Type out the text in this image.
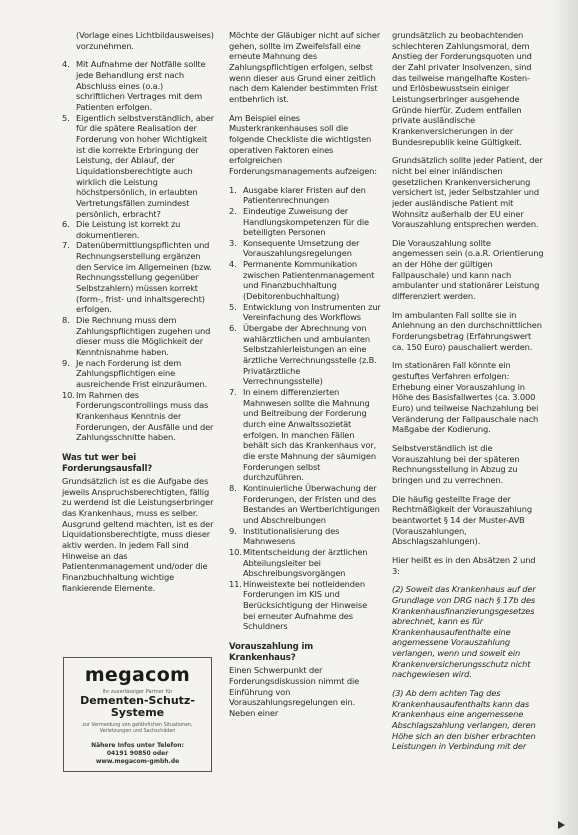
(Vorlage eines Lichtbildausweises) vorzunehmen.

4. Mit Aufnahme der Notfälle sollte jede Behandlung erst nach Abschluss eines (o.a.) schriftlichen Vertrages mit dem Patienten erfolgen.
5. Eigentlich selbstverständlich, aber für die spätere Realisation der Forderung von hoher Wichtigkeit ist die korrekte Erbringung der Leistung, der Ablauf, der Liquidationsberechtigte auch wirklich die Leistung höchstpersönlich, in erlaubten Vertretungsfällen zumindest persönlich, erbracht?
6. Die Leistung ist korrekt zu dokumentieren.
7. Datenübermittlungspflichten und Rechnungserstellung ergänzen den Service im Allgemeinen (bzw. Rechnungsstellung gegenüber Selbstzahlern) müssen korrekt (form-, frist- und inhaltsgerecht) erfolgen.
8. Die Rechnung muss dem Zahlungspflichtigen zugehen und dieser muss die Möglichkeit der Kenntnisnahme haben.
9. Je nach Forderung ist dem Zahlungspflichtigen eine ausreichende Frist einzuräumen.
10. Im Rahmen des Forderungscontrollings muss das Krankenhaus Kenntnis der Forderungen, der Ausfälle und der Zahlungsschnitte haben.
Was tut wer bei Forderungsausfall?

Grundsätzlich ist es die Aufgabe des jeweils Anspruchsberechtigten, fällig zu werdend ist die Leistungserbringer das Krankenhaus, muss es selber. Ausgrund geltend machten, ist es der Liquidationsberechtigte, muss dieser aktiv werden. In jedem Fall sind Hinweise an das Patientenmanagement und/oder die Finanzbuchhaltung wichtige flankierende Elemente.

megacom
Ihr zuverlässiger Partner für
Dementen-Schutz-
Systeme
zur Vermeidung von gefährlichen Situationen, Verletzungen und Sachschäden
Nähere Infos unter Telefon:
04191 90850 oder
www.megacom-gmbh.de

Möchte der Gläubiger nicht auf sicher gehen, sollte im Zweifelsfall eine erneute Mahnung des Zahlungspflichtigen erfolgen, selbst wenn dieser aus Grund einer zeitlich nach dem Kalender bestimmten Frist entbehrlich ist.

Am Beispiel eines Musterkrankenhauses soll die folgende Checkliste die wichtigsten operativen Faktoren eines erfolgreichen Forderungsmanagements aufzeigen:

1. Ausgabe klarer Fristen auf den Patientenrechnungen
2. Eindeutige Zuweisung der Handlungskompetenzen für die beteiligten Personen
3. Konsequente Umsetzung der Vorauszahlungsregelungen
4. Permanente Kommunikation zwischen Patientenmanagement und Finanzbuchhaltung (Debitorenbuchhaltung)
5. Entwicklung von Instrumenten zur Vereinfachung des Workflows
6. Übergabe der Abrechnung von wahlärztlichen und ambulanten Selbstzahlerleistungen an eine ärztliche Verrechnungsstelle (z.B. Privatärztliche Verrechnungsstelle)
7. In einem differenzierten Mahnwesen sollte die Mahnung und Beitreibung der Forderung durch eine Anwaltssozietät erfolgen. In manchen Fällen behält sich das Krankenhaus vor, die erste Mahnung der säumigen Forderungen selbst durchzuführen.
8. Kontinuierliche Überwachung der Forderungen, der Fristen und des Bestandes an Wertberichtigungen und Abschreibungen
9. Institutionalisierung des Mahnwesens
10. Mitentscheidung der ärztlichen Abteilungsleiter bei Abschreibungsvorgängen
11. Hinweistexte bei notleidenden Forderungen im KIS und Berücksichtigung der Hinweise bei erneuter Aufnahme des Schuldners
Vorauszahlung im Krankenhaus?

Einen Schwerpunkt der Forderungsdiskussion nimmt die Einführung von Vorauszahlungsregelungen ein. Neben einer

grundsätzlich zu beobachtenden schlechteren Zahlungsmoral, dem Anstieg der Forderungsquoten und der Zahl privater Insolvenzen, sind das teilweise mangelhafte Kosten- und Erlösbewusstsein einiger Leistungserbringer ausgehende Gründe hierfür. Zudem entfallen private ausländische Krankenversicherungen in der Bundesrepublik keine Gültigkeit.

Grundsätzlich sollte jeder Patient, der nicht bei einer inländischen gesetzlichen Krankenversicherung versichert ist, jeder Selbstzahler und jeder ausländische Patient mit Wohnsitz außerhalb der EU einer Vorauszahlung entsprechen werden.

Die Vorauszahlung sollte angemessen sein (o.a.R. Orientierung an der Höhe der gültigen Fallpauschale) und kann nach ambulanter und stationärer Leistung differenziert werden.

Im ambulanten Fall sollte sie in Anlehnung an den durchschnittlichen Forderungsbetrag (Erfahrungswert ca. 150 Euro) pauschaliert werden.

Im stationären Fall könnte ein gestuftes Verfahren erfolgen: Erhebung einer Vorauszahlung in Höhe des Basisfallwertes (ca. 3.000 Euro) und teilweise Nachzahlung bei Veränderung der Fallpauschale nach Maßgabe der Kodierung.

Selbstverständlich ist die Vorauszahlung bei der späteren Rechnungsstellung in Abzug zu bringen und zu verrechnen.

Die häufig gestellte Frage der Rechtmäßigkeit der Vorauszahlung beantwortet § 14 der Muster-AVB (Vorauszahlungen, Abschlagszahlungen).

Hier heißt es in den Absätzen 2 und 3:

(2) Soweit das Krankenhaus auf der Grundlage von DRG nach § 17b des Krankenhausfinanzierungsgesetzes abrechnet, kann es für Krankenhausaufenthalte eine angemessene Vorauszahlung verlangen, wenn und soweit ein Krankenversicherungsschutz nicht nachgewiesen wird.

(3) Ab dem achten Tag des Krankenhausaufenthalts kann das Krankenhaus eine angemessene Abschlagszahlung verlangen, deren Höhe sich an den bisher erbrachten Leistungen in Verbindung mit der
